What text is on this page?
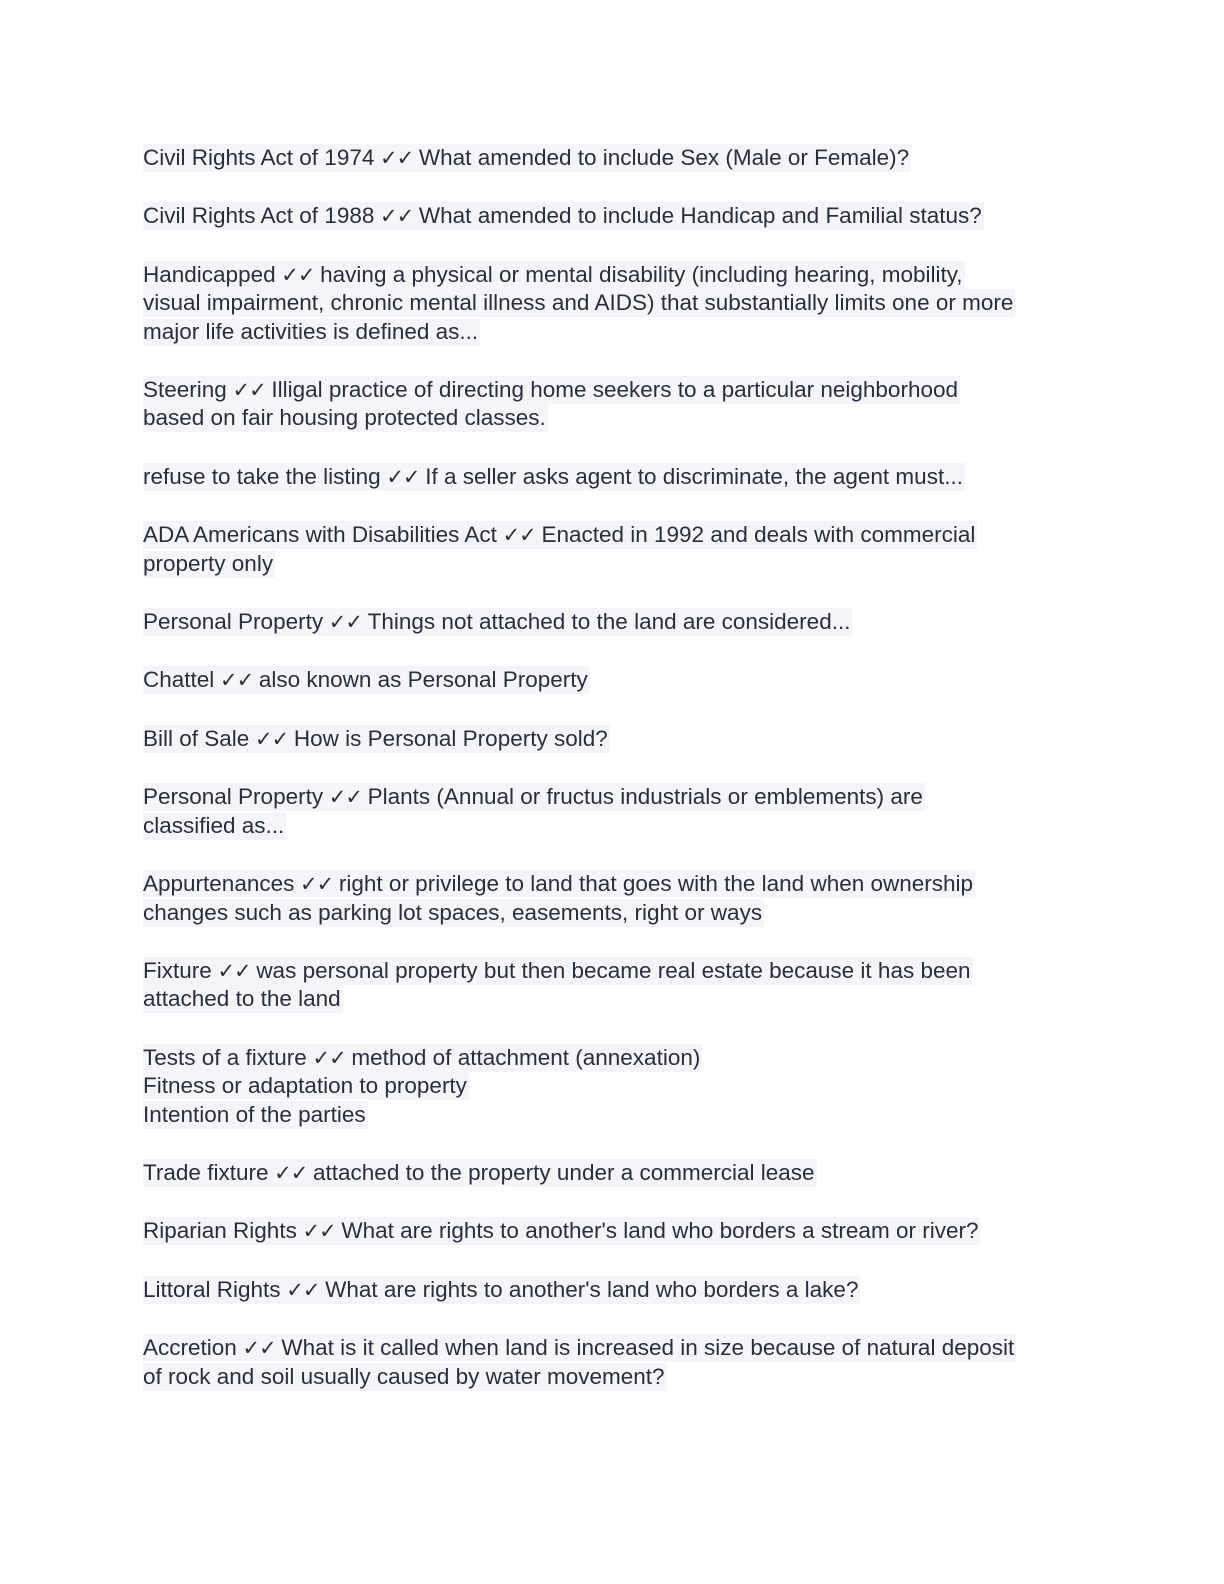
Civil Rights Act of 1974 ✓✓ What amended to include Sex (Male or Female)?
Civil Rights Act of 1988 ✓✓ What amended to include Handicap and Familial status?
Handicapped ✓✓ having a physical or mental disability (including hearing, mobility,
visual impairment, chronic mental illness and AIDS) that substantially limits one or more
major life activities is defined as...
Steering ✓✓ Illigal practice of directing home seekers to a particular neighborhood
based on fair housing protected classes.
refuse to take the listing ✓✓ If a seller asks agent to discriminate, the agent must...
ADA Americans with Disabilities Act ✓✓ Enacted in 1992 and deals with commercial
property only
Personal Property ✓✓ Things not attached to the land are considered...
Chattel ✓✓ also known as Personal Property
Bill of Sale ✓✓ How is Personal Property sold?
Personal Property ✓✓ Plants (Annual or fructus industrials or emblements) are
classified as...
Appurtenances ✓✓ right or privilege to land that goes with the land when ownership
changes such as parking lot spaces, easements, right or ways
Fixture ✓✓ was personal property but then became real estate because it has been
attached to the land
Tests of a fixture ✓✓ method of attachment (annexation)
Fitness or adaptation to property
Intention of the parties
Trade fixture ✓✓ attached to the property under a commercial lease
Riparian Rights ✓✓ What are rights to another's land who borders a stream or river?
Littoral Rights ✓✓ What are rights to another's land who borders a lake?
Accretion ✓✓ What is it called when land is increased in size because of natural deposit
of rock and soil usually caused by water movement?
